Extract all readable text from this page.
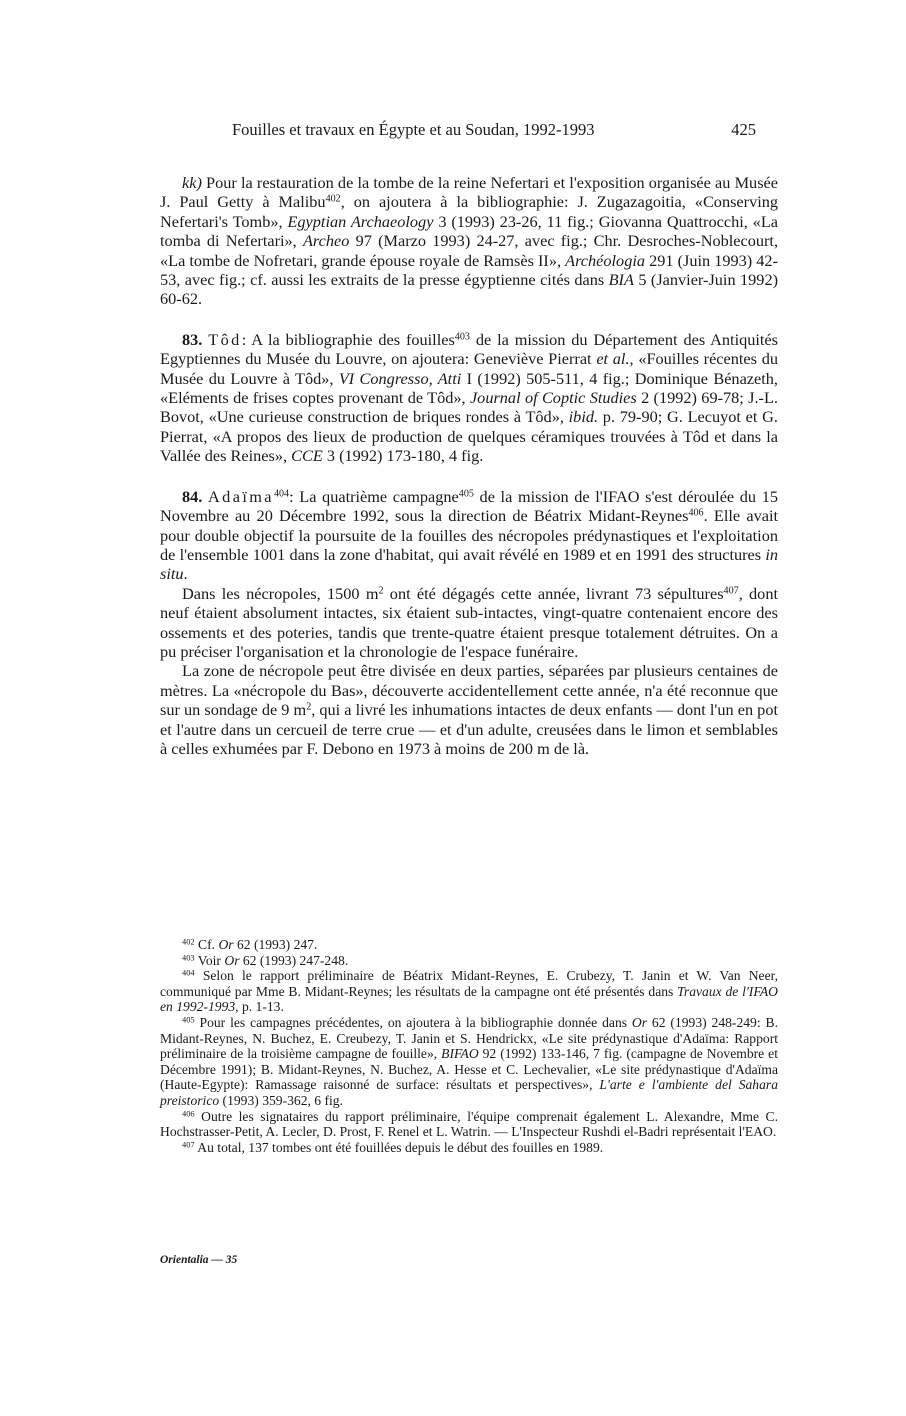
Fouilles et travaux en Égypte et au Soudan, 1992-1993	425

kk) Pour la restauration de la tombe de la reine Nefertari et l'exposition organisée au Musée J. Paul Getty à Malibu$^{402}$, on ajoutera à la bibliographie: J. Zugazagoitia, «Conserving Nefertari's Tomb», Egyptian Archaeology 3 (1993) 23-26, 11 fig.; Giovanna Quattrocchi, «La tomba di Nefertari», Archeo 97 (Marzo 1993) 24-27, avec fig.; Chr. Desroches-Noblecourt, «La tombe de Nofretari, grande épouse royale de Ramsès II», Archéologia 291 (Juin 1993) 42-53, avec fig.; cf. aussi les extraits de la presse égyptienne cités dans BIA 5 (Janvier-Juin 1992) 60-62.

83. Tôd: A la bibliographie des fouilles$^{403}$ de la mission du Département des Antiquités Egyptiennes du Musée du Louvre, on ajoutera: Geneviève Pierrat et al., «Fouilles récentes du Musée du Louvre à Tôd», VI Congresso, Atti I (1992) 505-511, 4 fig.; Dominique Bénazeth, «Eléments de frises coptes provenant de Tôd», Journal of Coptic Studies 2 (1992) 69-78; J.-L. Bovot, «Une curieuse construction de briques rondes à Tôd», ibid. p. 79-90; G. Lecuyot et G. Pierrat, «A propos des lieux de production de quelques céramiques trouvées à Tôd et dans la Vallée des Reines», CCE 3 (1992) 173-180, 4 fig.

84. Adaïma$^{404}$: La quatrième campagne$^{405}$ de la mission de l'IFAO s'est déroulée du 15 Novembre au 20 Décembre 1992, sous la direction de Béatrix Midant-Reynes$^{406}$. Elle avait pour double objectif la poursuite de la fouilles des nécropoles prédynastiques et l'exploitation de l'ensemble 1001 dans la zone d'habitat, qui avait révélé en 1989 et en 1991 des structures in situ.

Dans les nécropoles, 1500 $m^2$ ont été dégagés cette année, livrant 73 sépultures$^{407}$, dont neuf étaient absolument intactes, six étaient sub-intactes, vingt-quatre contenaient encore des ossements et des poteries, tandis que trente-quatre étaient presque totalement détruites. On a pu préciser l'organisation et la chronologie de l'espace funéraire.

La zone de nécropole peut être divisée en deux parties, séparées par plusieurs centaines de mètres. La «nécropole du Bas», découverte accidentellement cette année, n'a été reconnue que sur un sondage de 9 $m^2$, qui a livré les inhumations intactes de deux enfants — dont l'un en pot et l'autre dans un cercueil de terre crue — et d'un adulte, creusées dans le limon et semblables à celles exhumées par F. Debono en 1973 à moins de 200 m de là.

$^{402}$ Cf. Or 62 (1993) 247.

$^{403}$ Voir Or 62 (1993) 247-248.

$^{404}$ Selon le rapport préliminaire de Béatrix Midant-Reynes, E. Crubezy, T. Janin et W. Van Neer, communiqué par Mme B. Midant-Reynes; les résultats de la campagne ont été présentés dans Travaux de l'IFAO en 1992-1993, p. 1-13.

$^{405}$ Pour les campagnes précédentes, on ajoutera à la bibliographie donnée dans Or 62 (1993) 248-249: B. Midant-Reynes, N. Buchez, E. Creubezy, T. Janin et S. Hendrickx, «Le site prédynastique d'Adaïma: Rapport préliminaire de la troisième campagne de fouille», BIFAO 92 (1992) 133-146, 7 fig. (campagne de Novembre et Décembre 1991); B. Midant-Reynes, N. Buchez, A. Hesse et C. Lechevalier, «Le site prédynastique d'Adaïma (Haute-Egypte): Ramassage raisonné de surface: résultats et perspectives», L'arte e l'ambiente del Sahara preistorico (1993) 359-362, 6 fig.

$^{406}$ Outre les signataires du rapport préliminaire, l'équipe comprenait également L. Alexandre, Mme C. Hochstrasser-Petit, A. Lecler, D. Prost, F. Renel et L. Watrin. — L'Inspecteur Rushdi el-Badri représentait l'EAO.

$^{407}$ Au total, 137 tombes ont été fouillées depuis le début des fouilles en 1989.

Orientalia — 35
